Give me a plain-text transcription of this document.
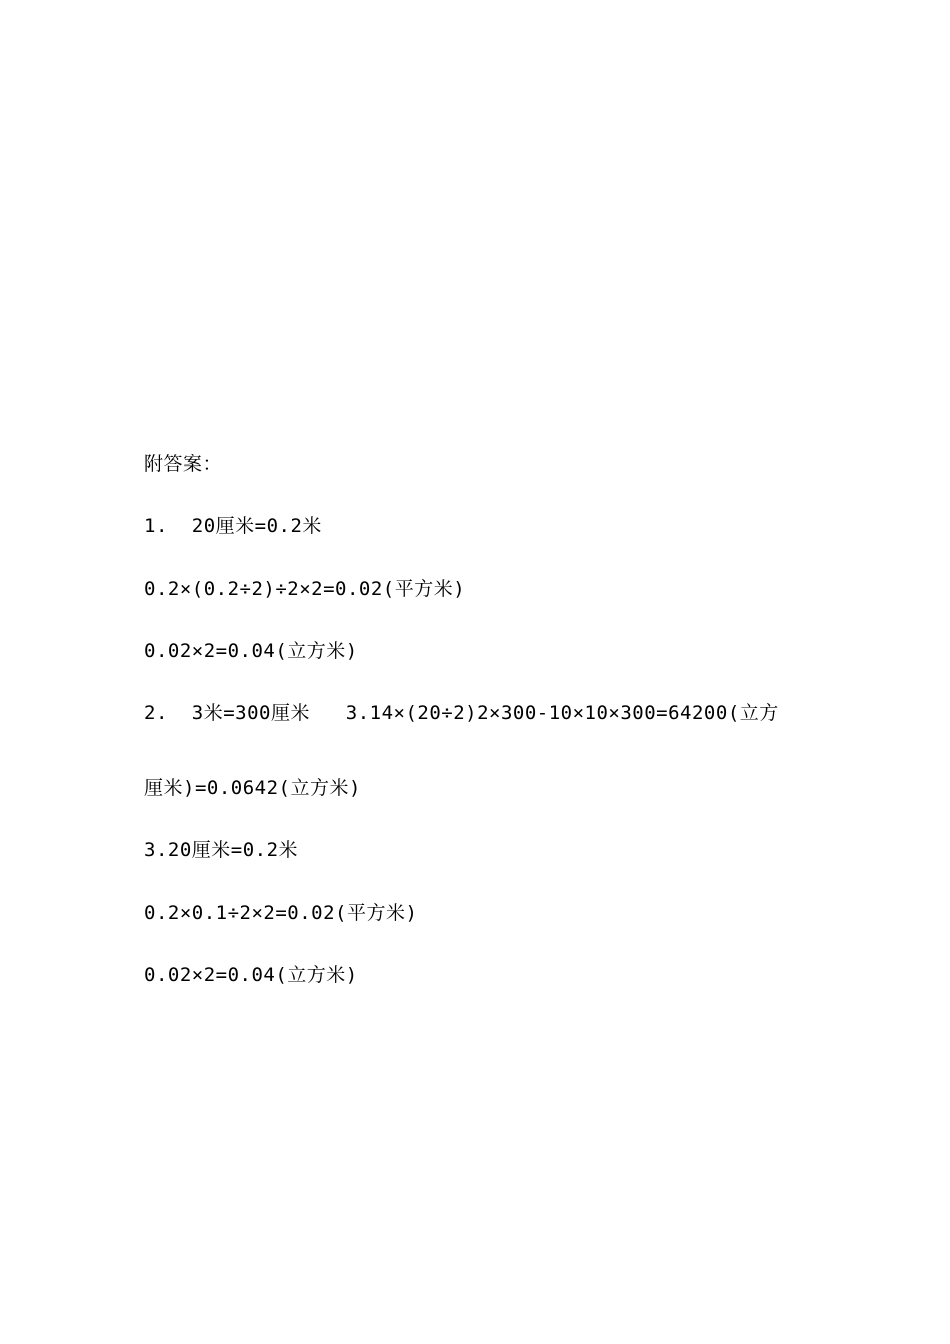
附答案：
1.  20厘米=0.2米
0.2×(0.2÷2)÷2×2=0.02(平方米)
0.02×2=0.04(立方米)
2.  3米=300厘米   3.14×(20÷2)2×300-10×10×300=64200(立方
厘米)=0.0642(立方米)
3.20厘米=0.2米
0.2×0.1÷2×2=0.02(平方米)
0.02×2=0.04(立方米)
